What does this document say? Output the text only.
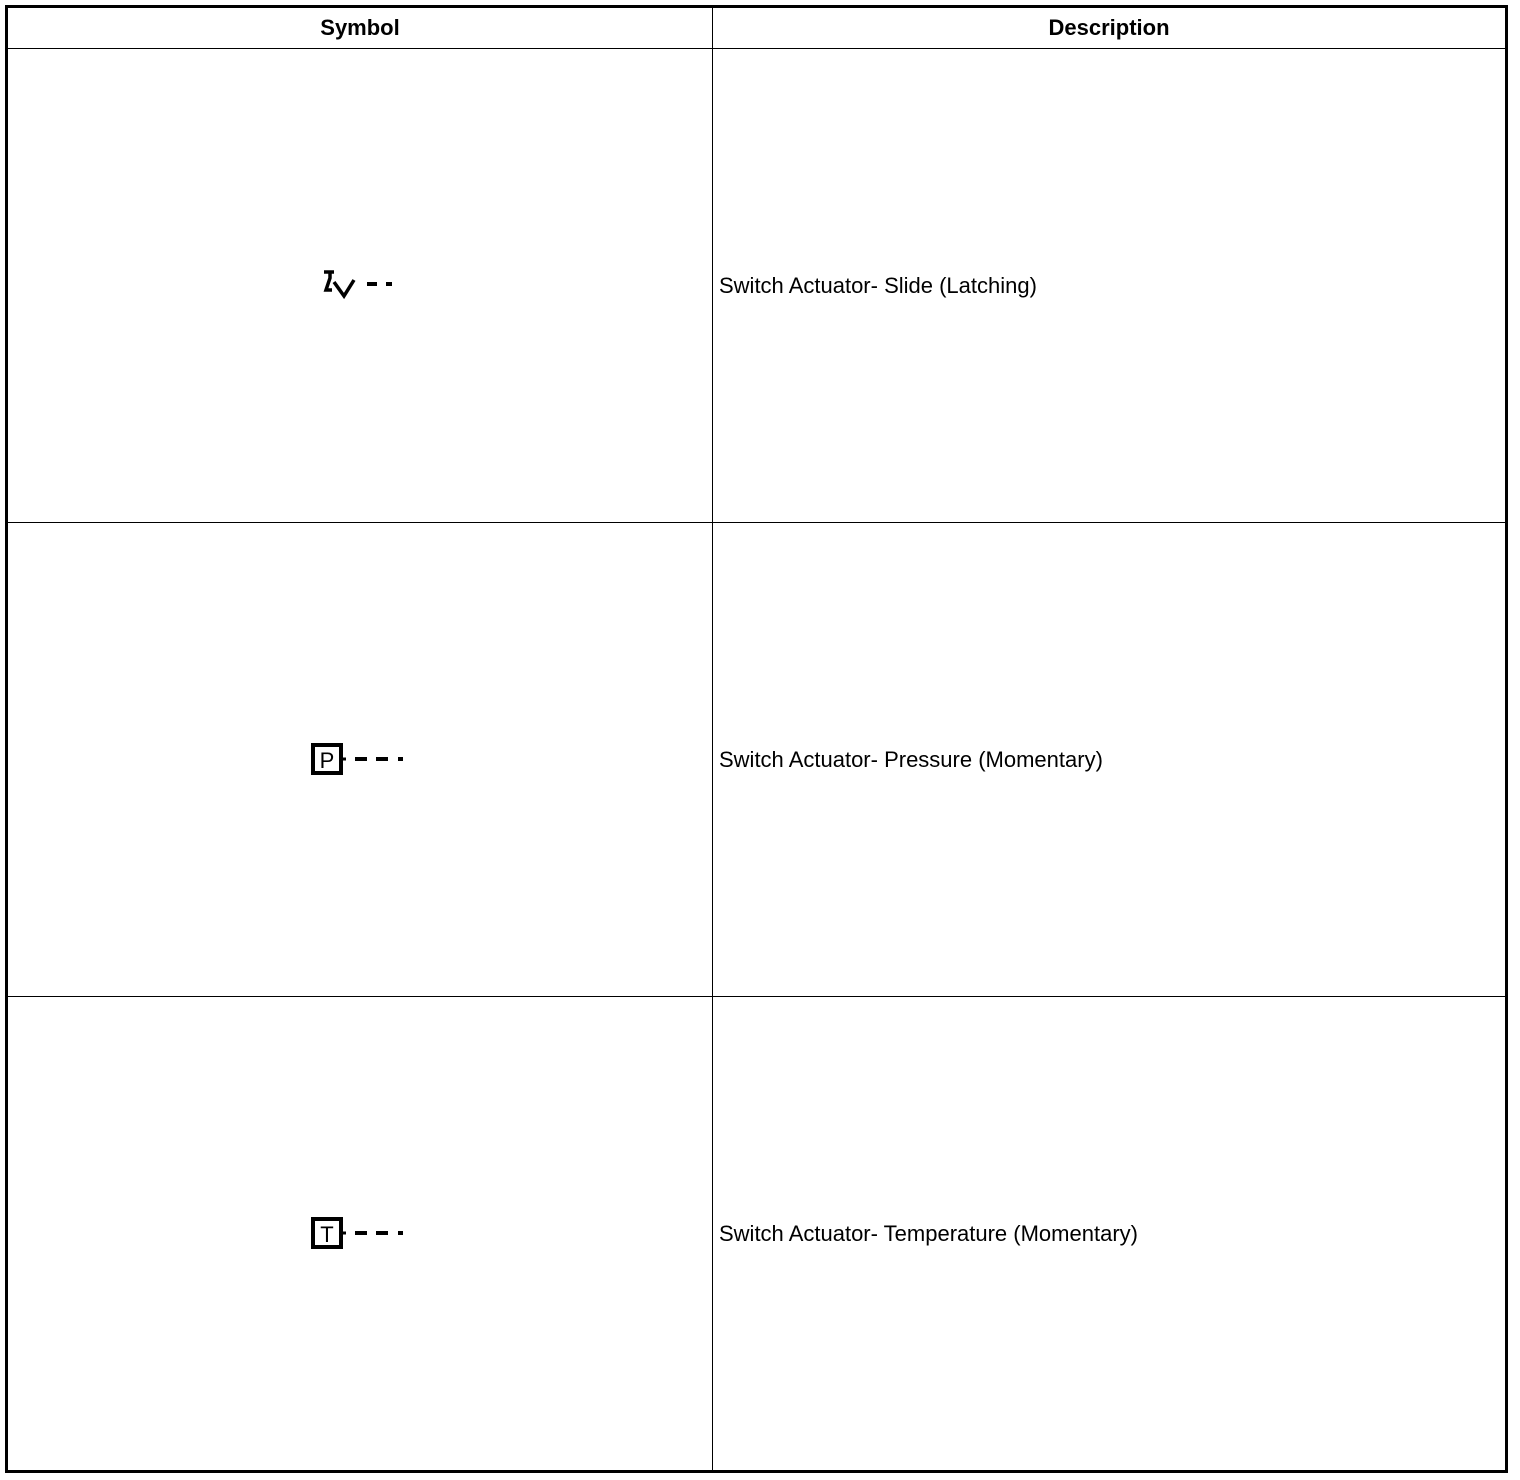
Symbol	Description
	Switch Actuator- Slide (Latching)

P	Switch Actuator- Pressure (Momentary)

T	Switch Actuator- Temperature (Momentary)
